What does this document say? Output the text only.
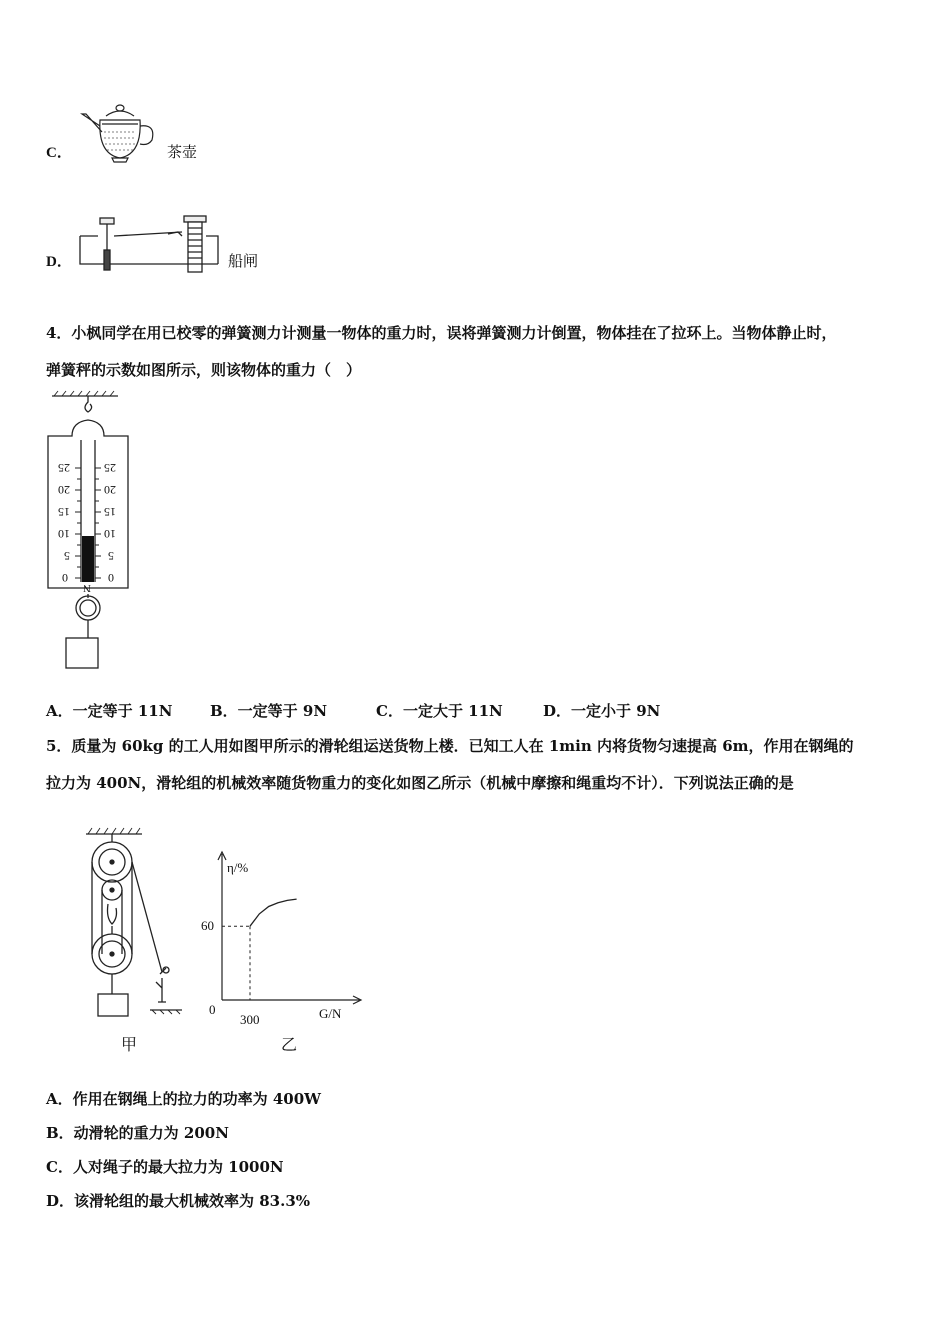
C．	茶壶
D．	船闸
4．小枫同学在用已校零的弹簧测力计测量一物体的重力时，误将弹簧测力计倒置，物体挂在了拉环上。当物体静止时，
弹簧秤的示数如图所示，则该物体的重力（　）
25
20
15
10
5
0
25
20
15
10
5
0
N
A．一定等于 11N	B．一定等于 9N	C．一定大于 11N	D．一定小于 9N
5．质量为 60kg 的工人用如图甲所示的滑轮组运送货物上楼．已知工人在 1min 内将货物匀速提高 6m，作用在钢绳的
拉力为 400N，滑轮组的机械效率随货物重力的变化如图乙所示（机械中摩擦和绳重均不计）．下列说法正确的是
甲
η/%
G/N
0
60
300
乙
A．作用在钢绳上的拉力的功率为 400W
B．动滑轮的重力为 200N
C．人对绳子的最大拉力为 1000N
D．该滑轮组的最大机械效率为 83.3%
